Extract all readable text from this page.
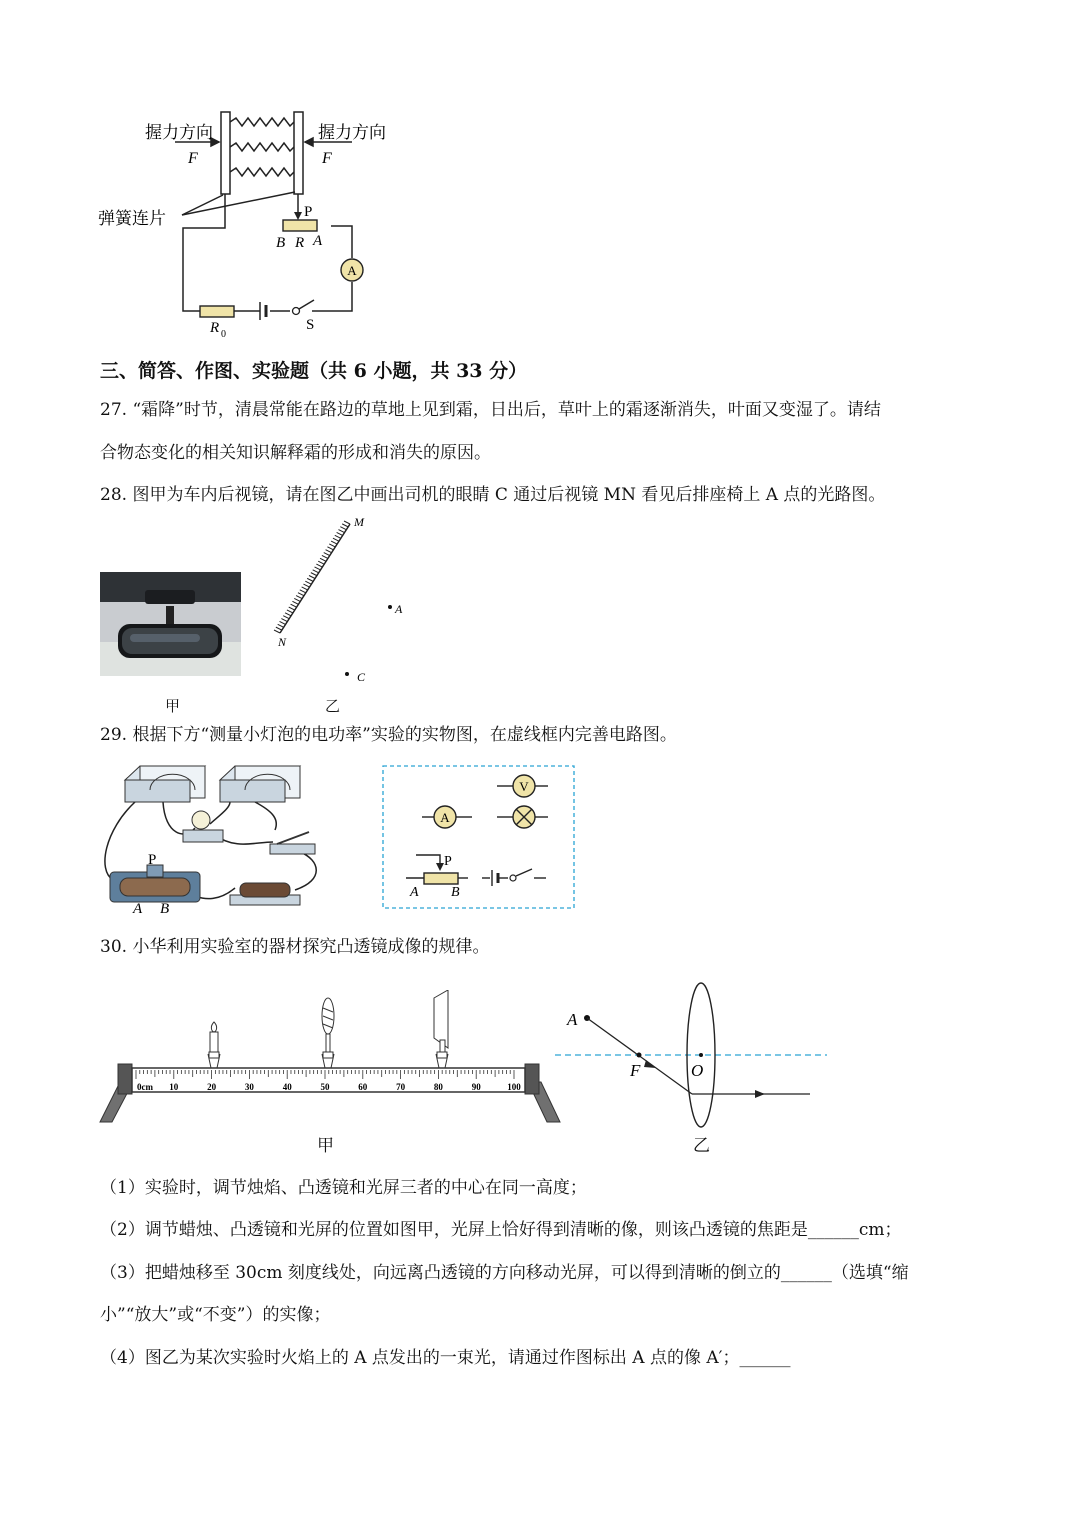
A
握力方向
F
握力方向
F
弹簧连片	P
B R A
R 0
S
三、简答、作图、实验题（共 6 小题，共 33 分）
27. “霜降”时节，清晨常能在路边的草地上见到霜，日出后，草叶上的霜逐渐消失，叶面又变湿了。请结
合物态变化的相关知识解释霜的形成和消失的原因。
28. 图甲为车内后视镜，请在图乙中画出司机的眼睛 C 通过后视镜 MN 看见后排座椅上 A 点的光路图。
甲
M
N
A
C
乙
29. 根据下方“测量小灯泡的电功率”实验的实物图，在虚线框内完善电路图。
P
A B
A
V
P
A B
30. 小华利用实验室的器材探究凸透镜成像的规律。
0cm 10	20	30	40	50	60	70	80	90	100
甲
A
F	O
乙
（1）实验时，调节烛焰、凸透镜和光屏三者的中心在同一高度；
（2）调节蜡烛、凸透镜和光屏的位置如图甲，光屏上恰好得到清晰的像，则该凸透镜的焦距是______cm；
（3）把蜡烛移至 30cm 刻度线处，向远离凸透镜的方向移动光屏，可以得到清晰的倒立的______（选填“缩
小”“放大”或“不变”）的实像；
（4）图乙为某次实验时火焰上的 A 点发出的一束光，请通过作图标出 A 点的像 A′；______
